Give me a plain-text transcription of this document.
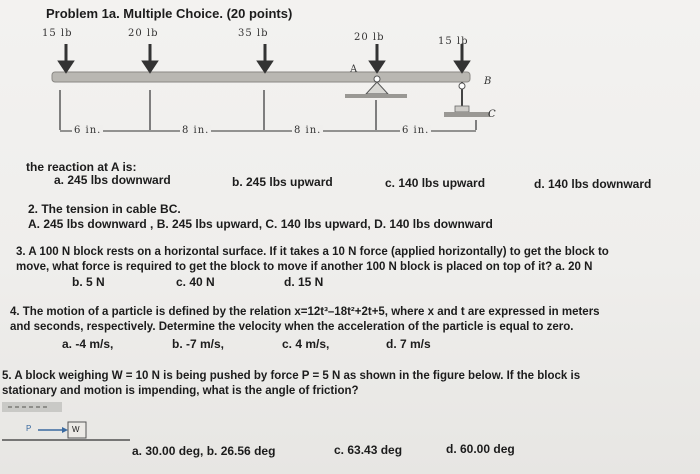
Problem 1a. Multiple Choice. (20 points)
15 lb	20 lb	35 lb	20 lb	15 lb
A
B
C
6 in.	8 in.	8 in.	6 in.
the reaction at A is:
a. 245 lbs downward	b. 245 lbs upward	c. 140 lbs upward	d. 140 lbs downward
2. The tension in cable BC.
A. 245 lbs downward , B. 245 lbs upward, C. 140 lbs upward, D. 140 lbs downward
3. A 100 N block rests on a horizontal surface. If it takes a 10 N force (applied horizontally) to get the block to
move, what force is required to get the block to move if another 100 N block is placed on top of it? a. 20 N
b. 5 N	c. 40 N	d. 15 N
4. The motion of a particle is defined by the relation x=12t³–18t²+2t+5, where x and t are expressed in meters
and seconds, respectively. Determine the velocity when the acceleration of the particle is equal to zero.
a. -4 m/s,	b. -7 m/s,	c. 4 m/s,	d. 7 m/s
5. A block weighing W = 10 N is being pushed by force P = 5 N as shown in the figure below. If the block is
stationary and motion is impending, what is the angle of friction?
P	W
a. 30.00 deg, b. 26.56 deg	c. 63.43 deg	d. 60.00 deg
